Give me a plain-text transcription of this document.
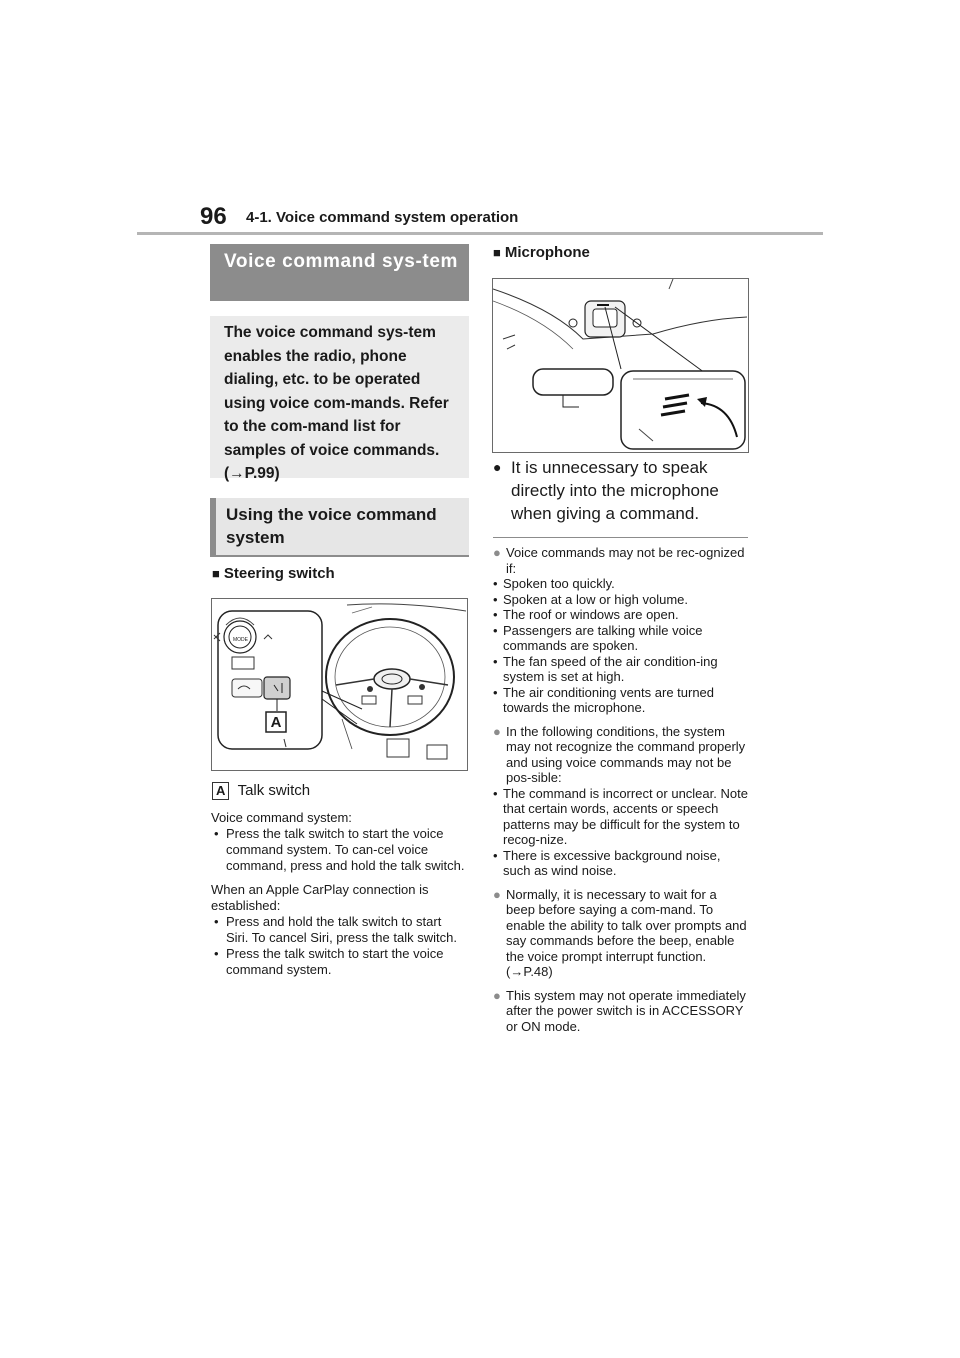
96 4-1. Voice command system operation
Voice command sys-tem
The voice command sys-tem enables the radio, phone dialing, etc. to be operated using voice com-mands. Refer to the com-mand list for samples of voice commands. (→P.99)
Using the voice command system
■ Steering switch
A
MODE
A Talk switch
Voice command system:
• Press the talk switch to start the voice command system. To can-cel voice command, press and hold the talk switch.
When an Apple CarPlay connection is established:
• Press and hold the talk switch to start Siri. To cancel Siri, press the talk switch.
• Press the talk switch to start the voice command system.
■ Microphone
● It is unnecessary to speak directly into the microphone when giving a command.
● Voice commands may not be rec-ognized if:
• Spoken too quickly.
• Spoken at a low or high volume.
• The roof or windows are open.
• Passengers are talking while voice commands are spoken.
• The fan speed of the air condition-ing system is set at high.
• The air conditioning vents are turned towards the microphone.
● In the following conditions, the system may not recognize the command properly and using voice commands may not be pos-sible:
• The command is incorrect or unclear. Note that certain words, accents or speech patterns may be difficult for the system to recog-nize.
• There is excessive background noise, such as wind noise.
● Normally, it is necessary to wait for a beep before saying a com-mand. To enable the ability to talk over prompts and say commands before the beep, enable the voice prompt interrupt function. (→P.48)
● This system may not operate immediately after the power switch is in ACCESSORY or ON mode.
